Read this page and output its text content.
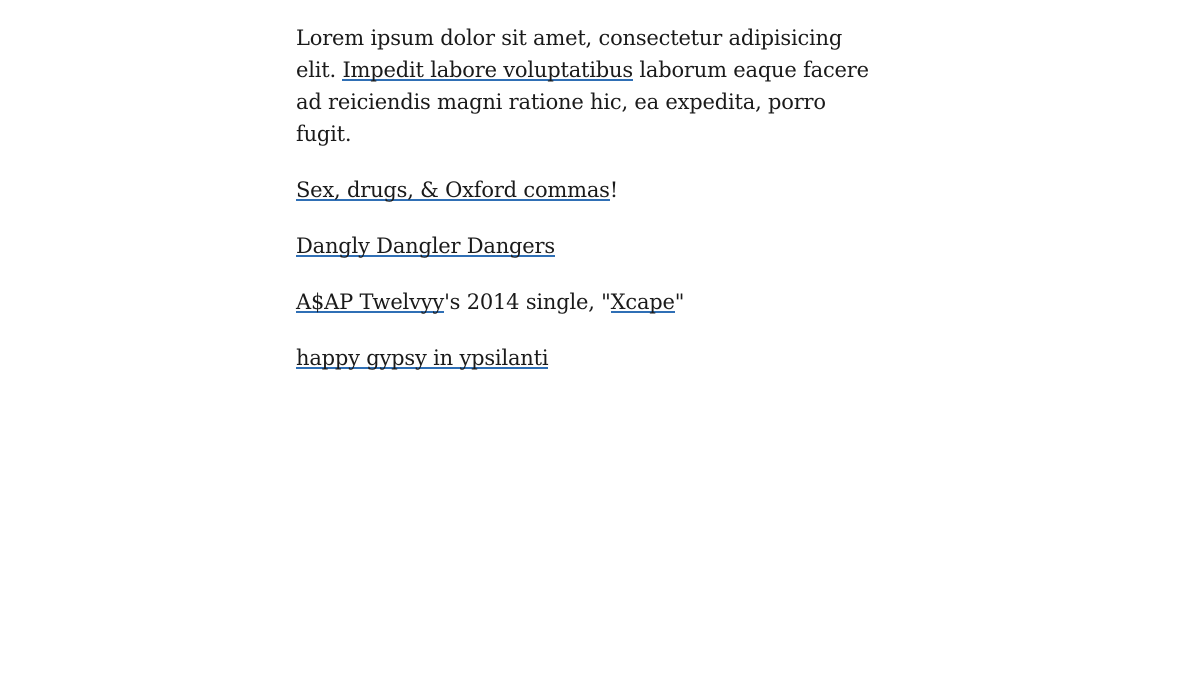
Lorem ipsum dolor sit amet, consectetur adipisicing elit. Impedit labore voluptatibus laborum eaque facere ad reiciendis magni ratione hic, ea expedita, porro fugit.

Sex, drugs, & Oxford commas!

Dangly Dangler Dangers

A$AP Twelvyy's 2014 single, "Xcape"

happy gypsy in ypsilanti
